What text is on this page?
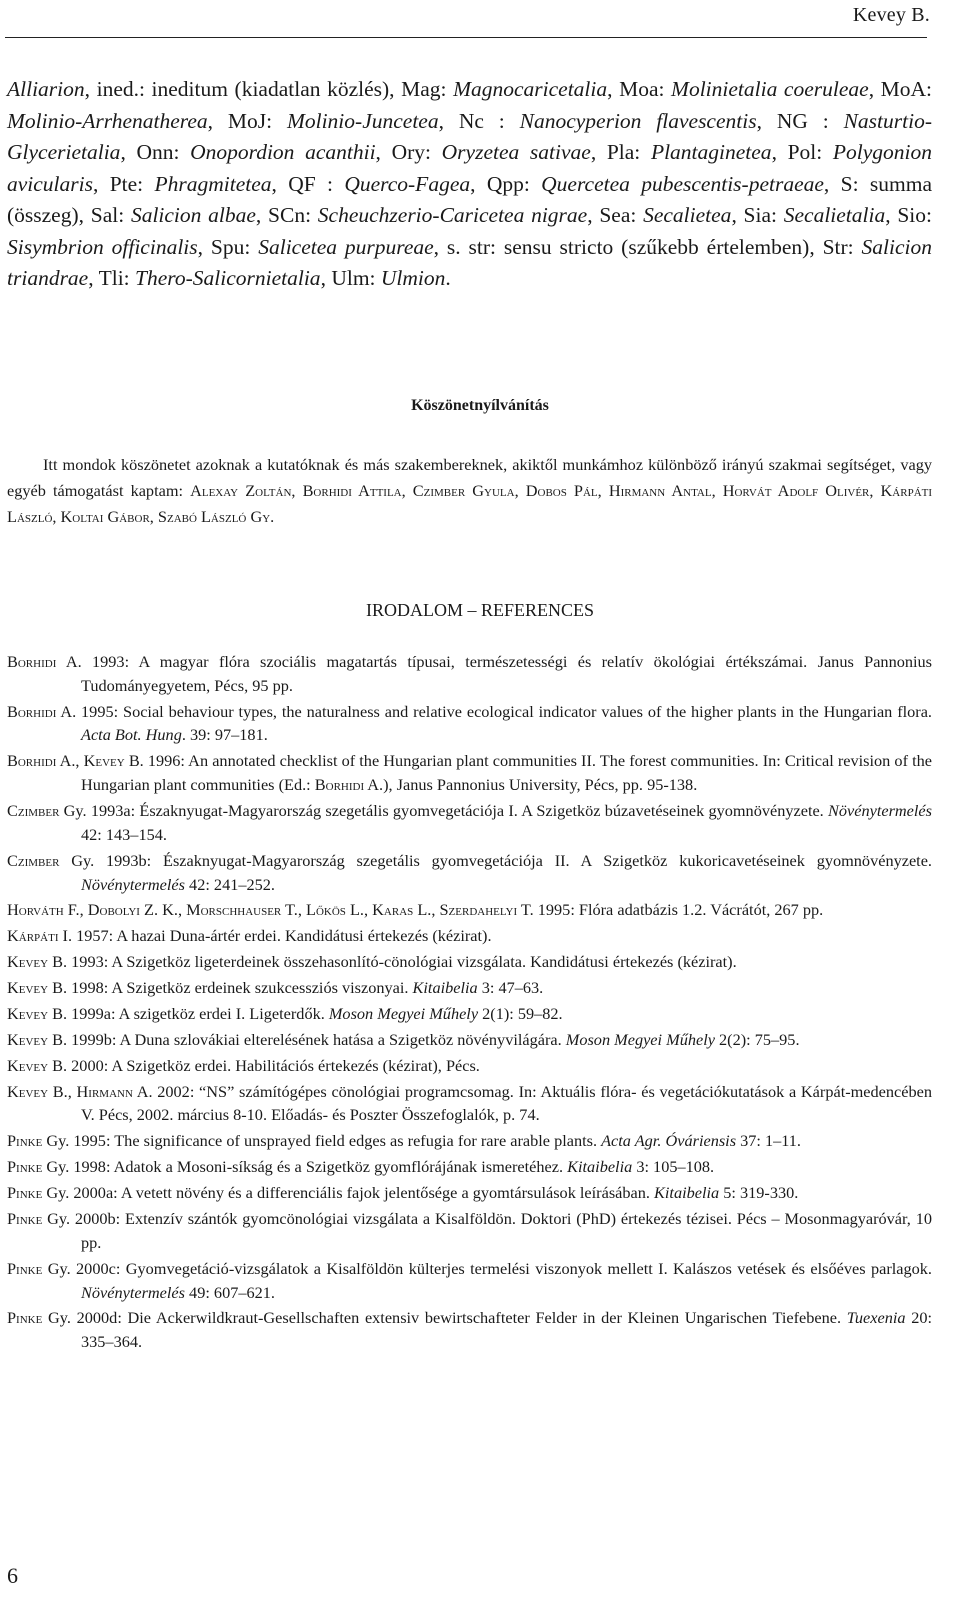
Kevey B.
Alliarion, ined.: ineditum (kiadatlan közlés), Mag: Magnocaricetalia, Moa: Molinietalia coeruleae, MoA: Molinio-Arrhenatherea, MoJ: Molinio-Juncetea, Nc : Nanocyperion flavescentis, NG : Nasturtio-Glycerietalia, Onn: Onopordion acanthii, Ory: Oryzetea sativae, Pla: Plantaginetea, Pol: Polygonion avicularis, Pte: Phragmitetea, QF : Querco-Fagea, Qpp: Quercetea pubescentis-petraeae, S: summa (összeg), Sal: Salicion albae, SCn: Scheuchzerio-Caricetea nigrae, Sea: Secalietea, Sia: Secalietalia, Sio: Sisymbrion officinalis, Spu: Salicetea purpureae, s. str: sensu stricto (szűkebb értelemben), Str: Salicion triandrae, Tli: Thero-Salicornietalia, Ulm: Ulmion.
Köszönetnyílvánítás
Itt mondok köszönetet azoknak a kutatóknak és más szakembereknek, akiktől munkámhoz különböző irányú szakmai segítséget, vagy egyéb támogatást kaptam: Alexay Zoltán, Borhidi Attila, Czimber Gyula, Dobos Pál, Hirmann Antal, Horvát Adolf Olivér, Kárpáti László, Koltai Gábor, Szabó László Gy.
IRODALOM – REFERENCES
Borhidi A. 1993: A magyar flóra szociális magatartás típusai, természetességi és relatív ökológiai értékszámai. Janus Pannonius Tudományegyetem, Pécs, 95 pp.
Borhidi A. 1995: Social behaviour types, the naturalness and relative ecological indicator values of the higher plants in the Hungarian flora. Acta Bot. Hung. 39: 97–181.
Borhidi A., Kevey B. 1996: An annotated checklist of the Hungarian plant communities II. The forest communities. In: Critical revision of the Hungarian plant communities (Ed.: Borhidi A.), Janus Pannonius University, Pécs, pp. 95-138.
Czimber Gy. 1993a: Északnyugat-Magyarország szegetális gyomvegetációja I. A Szigetköz búzavetéseinek gyomnövényzete. Növénytermelés 42: 143–154.
Czimber Gy. 1993b: Északnyugat-Magyarország szegetális gyomvegetációja II. A Szigetköz kukoricavetéseinek gyomnövényzete. Növénytermelés 42: 241–252.
Horváth F., Dobolyi Z. K., Morschhauser T., Lőkös L., Karas L., Szerdahelyi T. 1995: Flóra adatbázis 1.2. Vácrátót, 267 pp.
Kárpáti I. 1957: A hazai Duna-ártér erdei. Kandidátusi értekezés (kézirat).
Kevey B. 1993: A Szigetköz ligeterdeinek összehasonlító-cönológiai vizsgálata. Kandidátusi értekezés (kézirat).
Kevey B. 1998: A Szigetköz erdeinek szukcessziós viszonyai. Kitaibelia 3: 47–63.
Kevey B. 1999a: A szigetköz erdei I. Ligeterdők. Moson Megyei Műhely 2(1): 59–82.
Kevey B. 1999b: A Duna szlovákiai elterelésének hatása a Szigetköz növényvilágára. Moson Megyei Műhely 2(2): 75–95.
Kevey B. 2000: A Szigetköz erdei. Habilitációs értekezés (kézirat), Pécs.
Kevey B., Hirmann A. 2002: “NS” számítógépes cönológiai programcsomag. In: Aktuális flóra- és vegetációkutatások a Kárpát-medencében V. Pécs, 2002. március 8-10. Előadás- és Poszter Összefoglalók, p. 74.
Pinke Gy. 1995: The significance of unsprayed field edges as refugia for rare arable plants. Acta Agr. Óváriensis 37: 1–11.
Pinke Gy. 1998: Adatok a Mosoni-síkság és a Szigetköz gyomflórájának ismeretéhez. Kitaibelia 3: 105–108.
Pinke Gy. 2000a: A vetett növény és a differenciális fajok jelentősége a gyomtársulások leírásában. Kitaibelia 5: 319-330.
Pinke Gy. 2000b: Extenzív szántók gyomcönológiai vizsgálata a Kisalföldön. Doktori (PhD) értekezés tézisei. Pécs – Mosonmagyaróvár, 10 pp.
Pinke Gy. 2000c: Gyomvegetáció-vizsgálatok a Kisalföldön külterjes termelési viszonyok mellett I. Kalászos vetések és elsőéves parlagok. Növénytermelés 49: 607–621.
Pinke Gy. 2000d: Die Ackerwildkraut-Gesellschaften extensiv bewirtschafteter Felder in der Kleinen Ungarischen Tiefebene. Tuexenia 20: 335–364.
6
